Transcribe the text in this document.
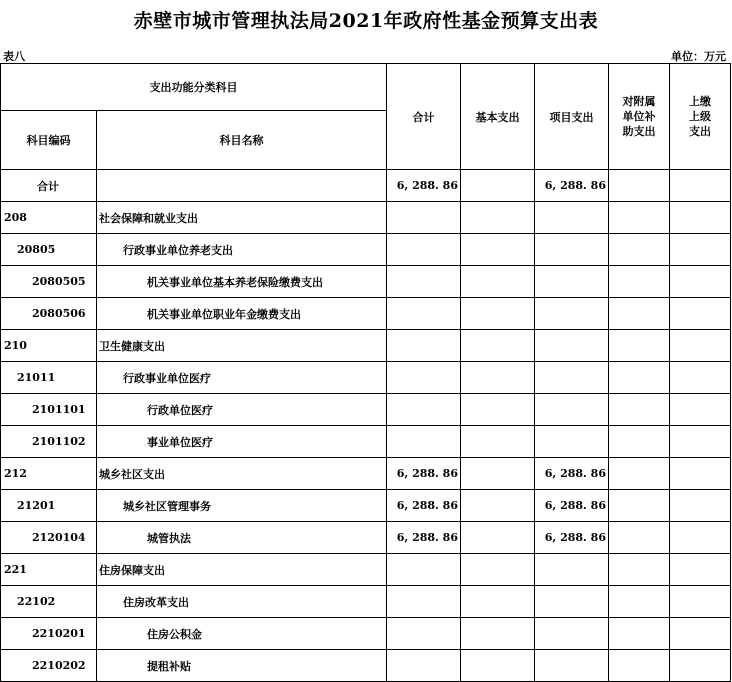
赤壁市城市管理执法局2021年政府性基金预算支出表
表八	单位：万元
支出功能分类科目		合计	基本支出	项目支出	对附属单位补助支出	上缴上级支出
科目编码	科目名称					
合计		6, 288. 86		6, 288. 86		
208	社会保障和就业支出					
20805	行政事业单位养老支出					
2080505	机关事业单位基本养老保险缴费支出					
2080506	机关事业单位职业年金缴费支出					
210	卫生健康支出					
21011	行政事业单位医疗					
2101101	行政单位医疗					
2101102	事业单位医疗					
212	城乡社区支出	6, 288. 86		6, 288. 86		
21201	城乡社区管理事务	6, 288. 86		6, 288. 86		
2120104	城管执法	6, 288. 86		6, 288. 86		
221	住房保障支出					
22102	住房改革支出					
2210201	住房公积金					
2210202	提租补贴					
